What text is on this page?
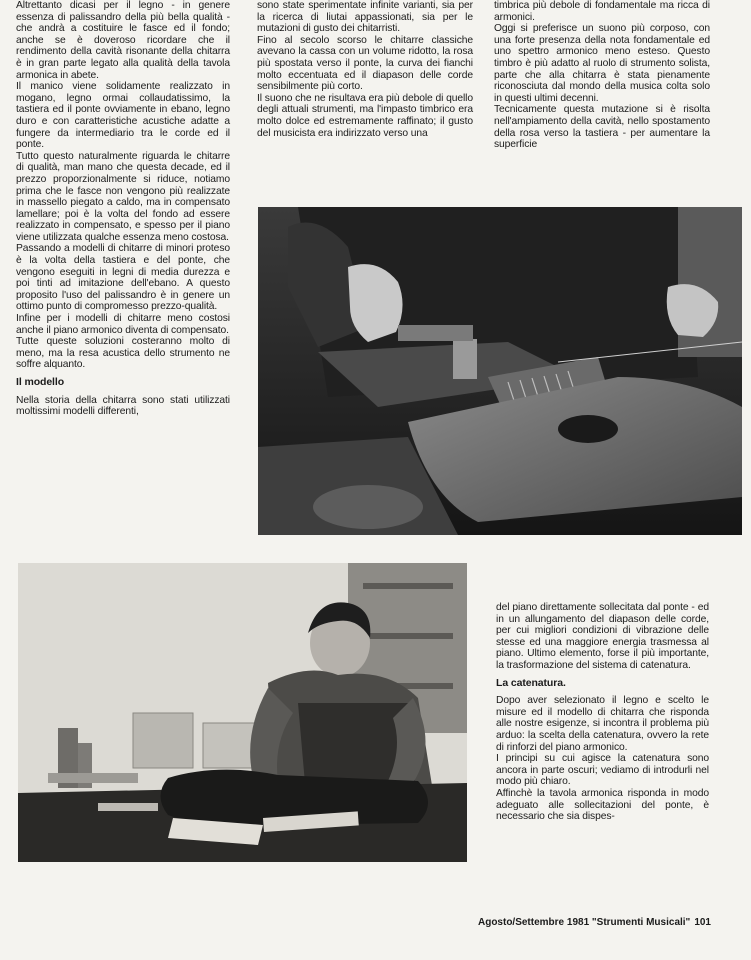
Altrettanto dicasi per il legno - in genere essenza di palissandro della più bella qualità - che andrà a costituire le fasce ed il fondo; anche se è doveroso ricordare che il rendimento della cavità risonante della chitarra è in gran parte legato alla qualità della tavola armonica in abete.

Il manico viene solidamente realizzato in mogano, legno ormai collaudatissimo, la tastiera ed il ponte ovviamente in ebano, legno duro e con caratteristiche acustiche adatte a fungere da intermediario tra le corde ed il ponte.

Tutto questo naturalmente riguarda le chitarre di qualità, man mano che questa decade, ed il prezzo proporzionalmente si riduce, notiamo prima che le fasce non vengono più realizzate in massello piegato a caldo, ma in compensato lamellare; poi è la volta del fondo ad essere realizzato in compensato, e spesso per il piano viene utilizzata qualche essenza meno costosa.

Passando a modelli di chitarre di minori proteso è la volta della tastiera e del ponte, che vengono eseguiti in legni di media durezza e poi tinti ad imitazione dell'ebano. A questo proposito l'uso del palissandro è in genere un ottimo punto di compromesso prezzo-qualità.

Infine per i modelli di chitarre meno costosi anche il piano armonico diventa di compensato.

Tutte queste soluzioni costeranno molto di meno, ma la resa acustica dello strumento ne soffre alquanto.

Il modello

Nella storia della chitarra sono stati utilizzati moltissimi modelli differenti,

sono state sperimentate infinite varianti, sia per la ricerca di liutai appassionati, sia per le mutazioni di gusto dei chitarristi.

Fino al secolo scorso le chitarre classiche avevano la cassa con un volume ridotto, la rosa più spostata verso il ponte, la curva dei fianchi molto eccentuata ed il diapason delle corde sensibilmente più corto.

Il suono che ne risultava era più debole di quello degli attuali strumenti, ma l'impasto timbrico era molto dolce ed estremamente raffinato; il gusto del musicista era indirizzato verso una

timbrica più debole di fondamentale ma ricca di armonici.

Oggi si preferisce un suono più corposo, con una forte presenza della nota fondamentale ed uno spettro armonico meno esteso. Questo timbro è più adatto al ruolo di strumento solista, parte che alla chitarra è stata pienamente riconosciuta dal mondo della musica colta solo in questi ultimi decenni.

Tecnicamente questa mutazione si è risolta nell'ampiamento della cavità, nello spostamento della rosa verso la tastiera - per aumentare la superficie

del piano direttamente sollecitata dal ponte - ed in un allungamento del diapason delle corde, per cui migliori condizioni di vibrazione delle stesse ed una maggiore energia trasmessa al piano. Ultimo elemento, forse il più importante, la trasformazione del sistema di catenatura.

La catenatura.

Dopo aver selezionato il legno e scelto le misure ed il modello di chitarra che risponda alle nostre esigenze, si incontra il problema più arduo: la scelta della catenatura, ovvero la rete di rinforzi del piano armonico.

I principi su cui agisce la catenatura sono ancora in parte oscuri; vediamo di introdurli nel modo più chiaro.

Affinchè la tavola armonica risponda in modo adeguato alle sollecitazioni del ponte, è necessario che sia dispes-

Agosto/Settembre 1981 "Strumenti Musicali" 101
